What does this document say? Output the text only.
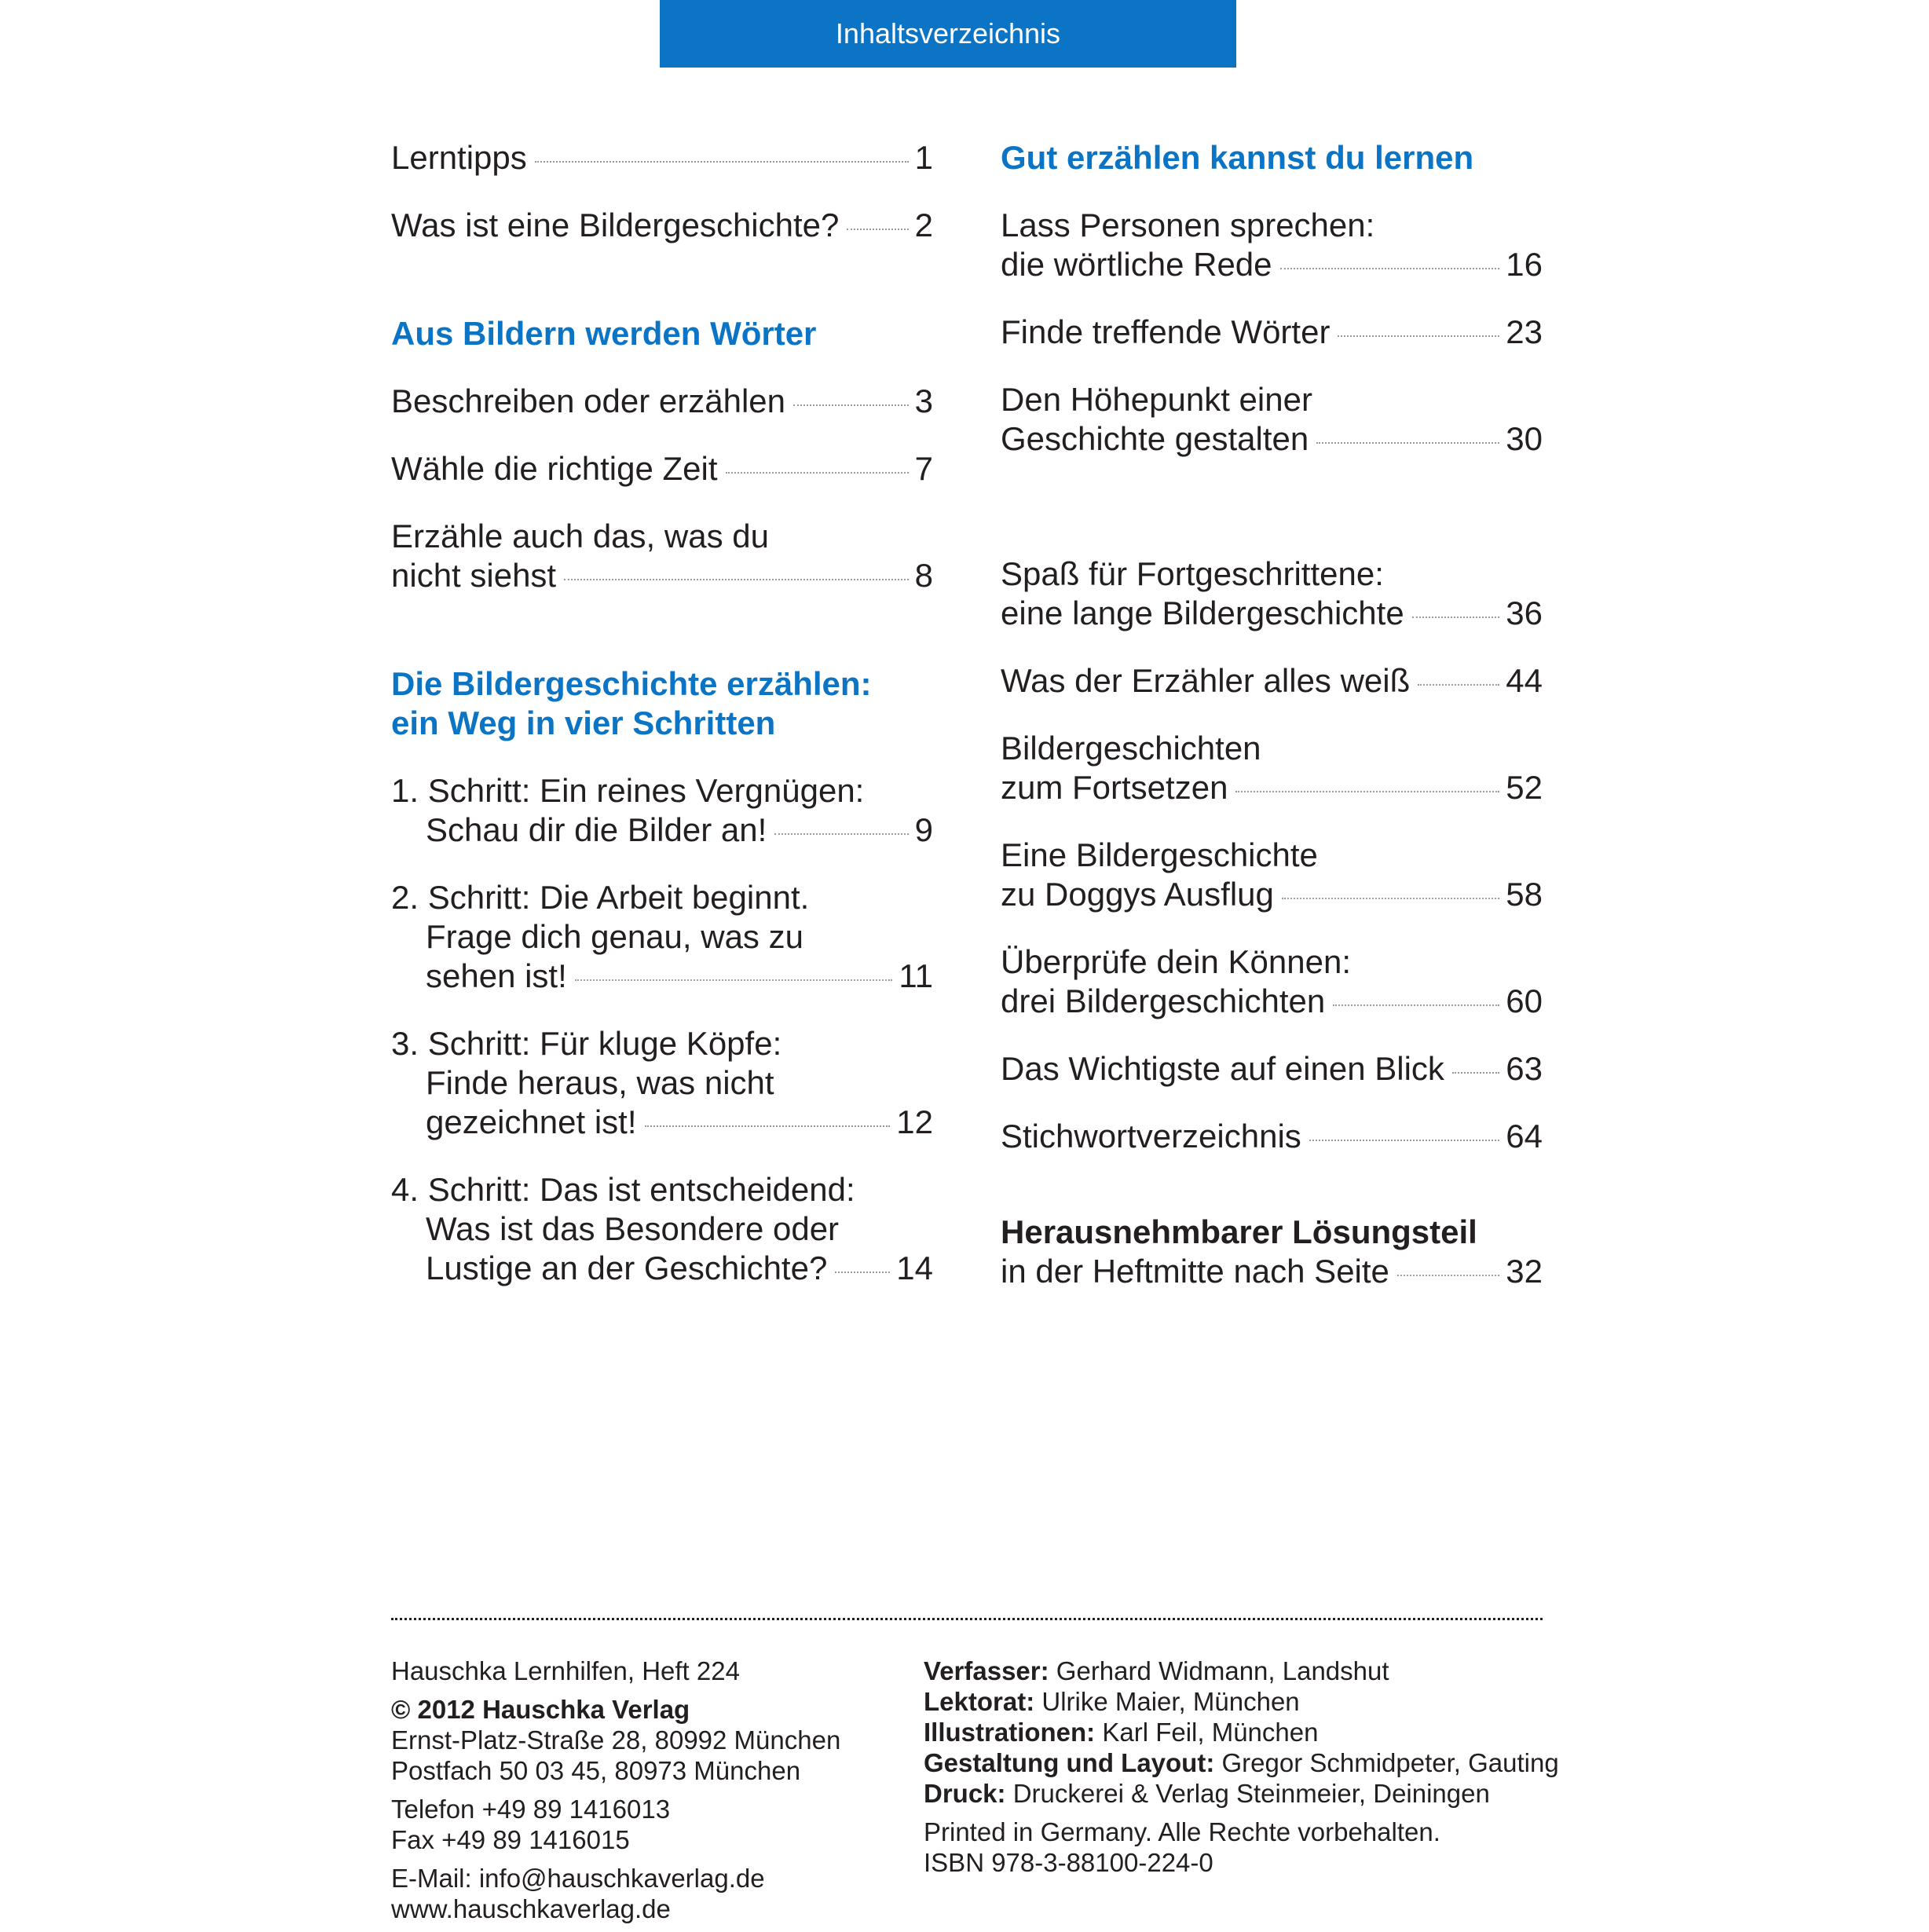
Inhaltsverzeichnis
Lerntipps	1
Was ist eine Bildergeschichte? 2
Aus Bildern werden Wörter
Beschreiben oder erzählen	3
Wähle die richtige Zeit	7
Erzähle auch das, was du
nicht siehst	8
Die Bildergeschichte erzählen:
ein Weg in vier Schritten
1. Schritt: Ein reines Vergnügen:
Schau dir die Bilder an!	9
2. Schritt: Die Arbeit beginnt.
Frage dich genau, was zu
sehen ist!	11
3. Schritt: Für kluge Köpfe:
Finde heraus, was nicht
gezeichnet ist!	12
4. Schritt: Das ist entscheidend:
Was ist das Besondere oder
Lustige an der Geschichte? 14
Gut erzählen kannst du lernen
Lass Personen sprechen:
die wörtliche Rede	16
Finde treffende Wörter	23
Den Höhepunkt einer
Geschichte gestalten	30
Spaß für Fortgeschrittene:
eine lange Bildergeschichte	36
Was der Erzähler alles weiß	44
Bildergeschichten
zum Fortsetzen	52
Eine Bildergeschichte
zu Doggys Ausflug	58
Überprüfe dein Können:
drei Bildergeschichten	60
Das Wichtigste auf einen Blick 63
Stichwortverzeichnis	64
Herausnehmbarer Lösungsteil
in der Heftmitte nach Seite	32
Hauschka Lernhilfen, Heft 224
© 2012 Hauschka Verlag
Ernst-Platz-Straße 28, 80992 München
Postfach 50 03 45, 80973 München
Telefon +49 89 1416013
Fax +49 89 1416015
E-Mail: info@hauschkaverlag.de
www.hauschkaverlag.de
Verfasser: Gerhard Widmann, Landshut
Lektorat: Ulrike Maier, München
Illustrationen: Karl Feil, München
Gestaltung und Layout: Gregor Schmidpeter, Gauting
Druck: Druckerei & Verlag Steinmeier, Deiningen
Printed in Germany. Alle Rechte vorbehalten.
ISBN 978-3-88100-224-0
